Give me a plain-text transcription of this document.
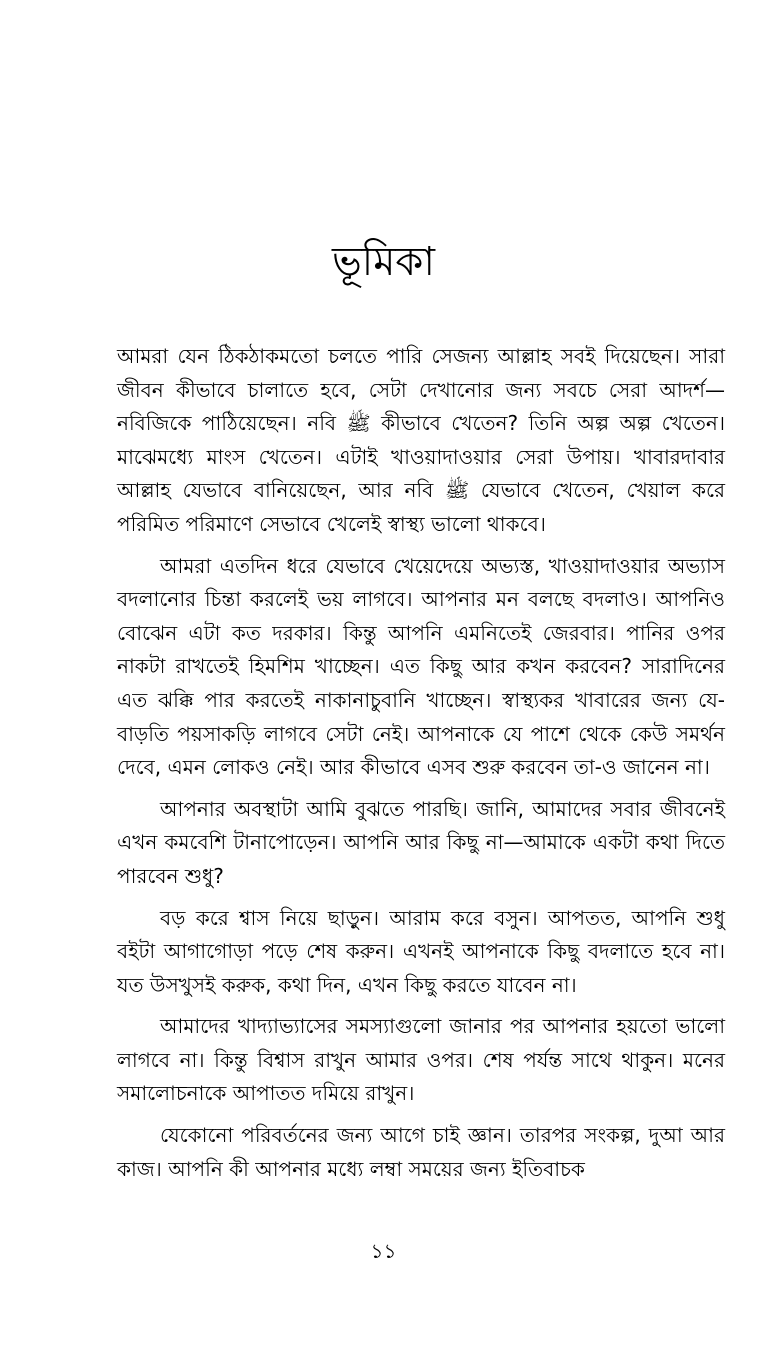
ভূমিকা

আমরা যেন ঠিকঠাকমতো চলতে পারি সেজন্য আল্লাহ সবই দিয়েছেন। সারা জীবন কীভাবে চালাতে হবে, সেটা দেখানোর জন্য সবচে সেরা আদর্শ—নবিজিকে পাঠিয়েছেন। নবি ﷺ কীভাবে খেতেন? তিনি অল্প অল্প খেতেন। মাঝেমধ্যে মাংস খেতেন। এটাই খাওয়াদাওয়ার সেরা উপায়। খাবারদাবার আল্লাহ যেভাবে বানিয়েছেন, আর নবি ﷺ যেভাবে খেতেন, খেয়াল করে পরিমিত পরিমাণে সেভাবে খেলেই স্বাস্থ্য ভালো থাকবে।

আমরা এতদিন ধরে যেভাবে খেয়েদেয়ে অভ্যস্ত, খাওয়াদাওয়ার অভ্যাস বদলানোর চিন্তা করলেই ভয় লাগবে। আপনার মন বলছে বদলাও। আপনিও বোঝেন এটা কত দরকার। কিন্তু আপনি এমনিতেই জেরবার। পানির ওপর নাকটা রাখতেই হিমশিম খাচ্ছেন। এত কিছু আর কখন করবেন? সারাদিনের এত ঝক্কি পার করতেই নাকানাচুবানি খাচ্ছেন। স্বাস্থ্যকর খাবারের জন্য যে-বাড়তি পয়সাকড়ি লাগবে সেটা নেই। আপনাকে যে পাশে থেকে কেউ সমর্থন দেবে, এমন লোকও নেই। আর কীভাবে এসব শুরু করবেন তা-ও জানেন না।

আপনার অবস্থাটা আমি বুঝতে পারছি। জানি, আমাদের সবার জীবনেই এখন কমবেশি টানাপোড়েন। আপনি আর কিছু না—আমাকে একটা কথা দিতে পারবেন শুধু?

বড় করে শ্বাস নিয়ে ছাড়ুন। আরাম করে বসুন। আপতত, আপনি শুধু বইটা আগাগোড়া পড়ে শেষ করুন। এখনই আপনাকে কিছু বদলাতে হবে না। যত উসখুসই করুক, কথা দিন, এখন কিছু করতে যাবেন না।

আমাদের খাদ্যাভ্যাসের সমস্যাগুলো জানার পর আপনার হয়তো ভালো লাগবে না। কিন্তু বিশ্বাস রাখুন আমার ওপর। শেষ পর্যন্ত সাথে থাকুন। মনের সমালোচনাকে আপাতত দমিয়ে রাখুন।

যেকোনো পরিবর্তনের জন্য আগে চাই জ্ঞান। তারপর সংকল্প, দুআ আর কাজ। আপনি কী আপনার মধ্যে লম্বা সময়ের জন্য ইতিবাচক

১১
